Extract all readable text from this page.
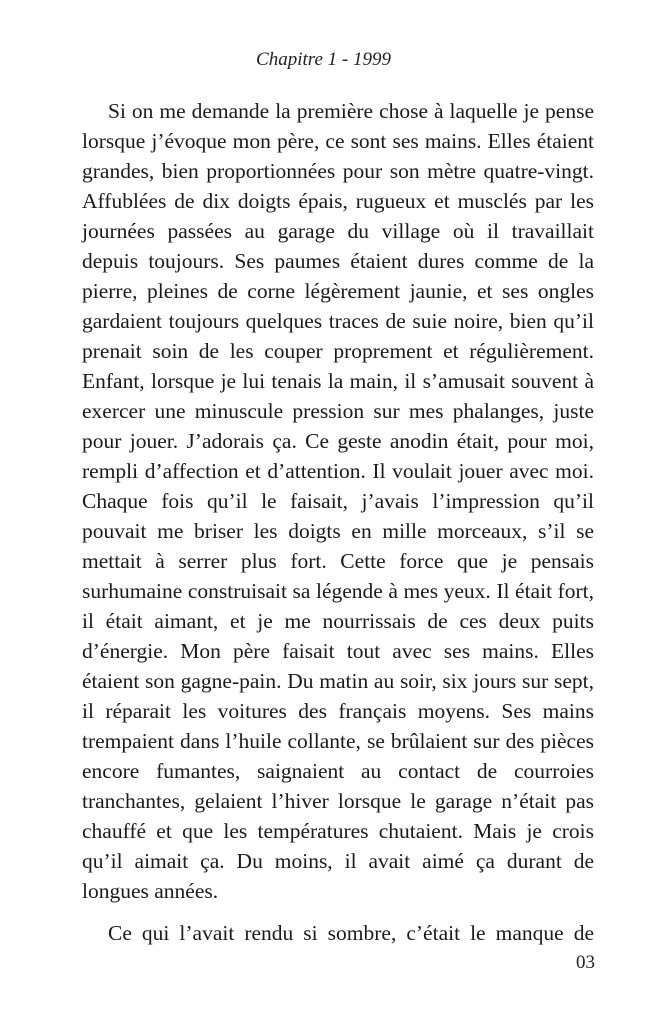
Chapitre 1 - 1999

Si on me demande la première chose à laquelle je pense lorsque j’évoque mon père, ce sont ses mains. Elles étaient grandes, bien proportionnées pour son mètre quatre-vingt. Affublées de dix doigts épais, rugueux et musclés par les journées passées au garage du village où il travaillait depuis toujours. Ses paumes étaient dures comme de la pierre, pleines de corne légèrement jaunie, et ses ongles gardaient toujours quelques traces de suie noire, bien qu’il prenait soin de les couper proprement et régulièrement. Enfant, lorsque je lui tenais la main, il s’amusait souvent à exercer une minuscule pression sur mes phalanges, juste pour jouer. J’adorais ça. Ce geste anodin était, pour moi, rempli d’affection et d’attention. Il voulait jouer avec moi. Chaque fois qu’il le faisait, j’avais l’impression qu’il pouvait me briser les doigts en mille morceaux, s’il se mettait à serrer plus fort. Cette force que je pensais surhumaine construisait sa légende à mes yeux. Il était fort, il était aimant, et je me nourrissais de ces deux puits d’énergie. Mon père faisait tout avec ses mains. Elles étaient son gagne-pain. Du matin au soir, six jours sur sept, il réparait les voitures des français moyens. Ses mains trempaient dans l’huile collante, se brûlaient sur des pièces encore fumantes, saignaient au contact de courroies tranchantes, gelaient l’hiver lorsque le garage n’était pas chauffé et que les températures chutaient. Mais je crois qu’il aimait ça. Du moins, il avait aimé ça durant de longues années.

Ce qui l’avait rendu si sombre, c’était le manque de

03
